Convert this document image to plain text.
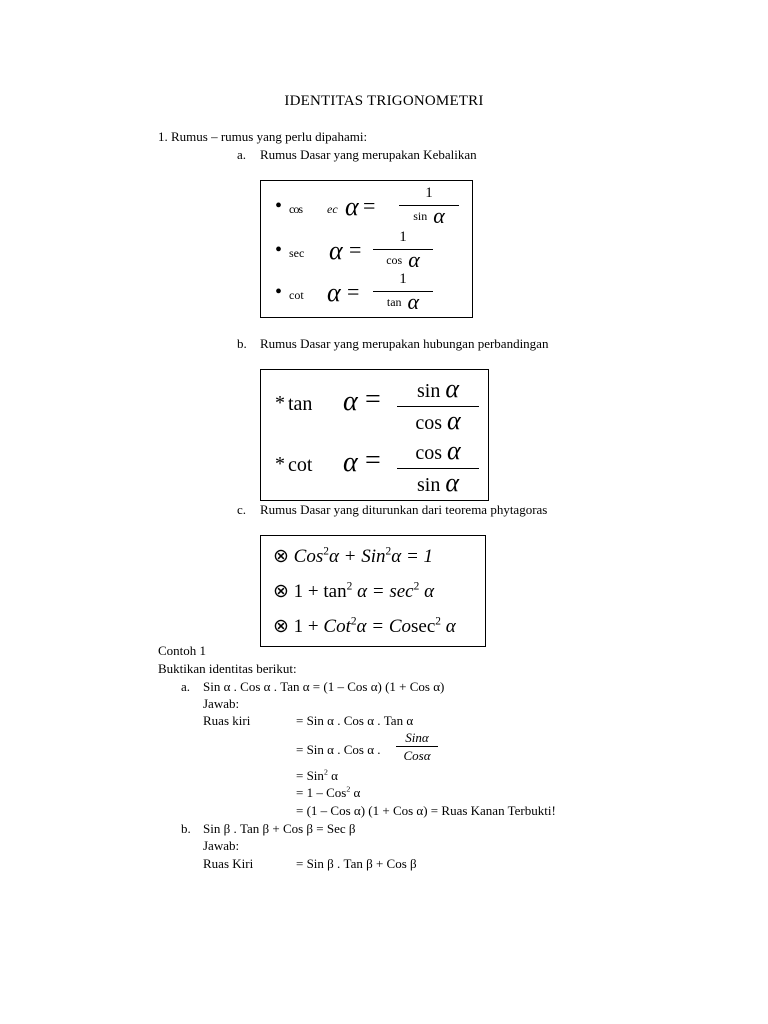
IDENTITAS TRIGONOMETRI
1. Rumus – rumus yang perlu dipahami:
a. Rumus Dasar yang merupakan Kebalikan
• cos ec α =	1
sin α
• sec α =	1
cos α
• cot α =	1
tan α
b. Rumus Dasar yang merupakan hubungan perbandingan
* tan α =	sin α
cos α
* cot α =	cos α
sin α
c. Rumus Dasar yang diturunkan dari teorema phytagoras
⊗ Cos$^2$α + Sin$^2$α = 1
⊗ $1 + \tan^2 \alpha = \sec^2 \alpha$
⊗ 1 + Cot$^2$α = Cosec$^2$ α
Contoh 1
Buktikan identitas berikut:
a. Sin α . Cos α . Tan α = (1 – Cos α) (1 + Cos α)
Jawab:
Ruas kiri	= Sin α . Cos α . Tan α
= Sin α . Cos α .
Sinα
Cosα
= Sin$^2$ α
= 1 – Cos$^2$ α
= (1 – Cos α) (1 + Cos α) = Ruas Kanan Terbukti!
b. Sin β . Tan β + Cos β = Sec β
Jawab:
Ruas Kiri	= Sin β . Tan β + Cos β
